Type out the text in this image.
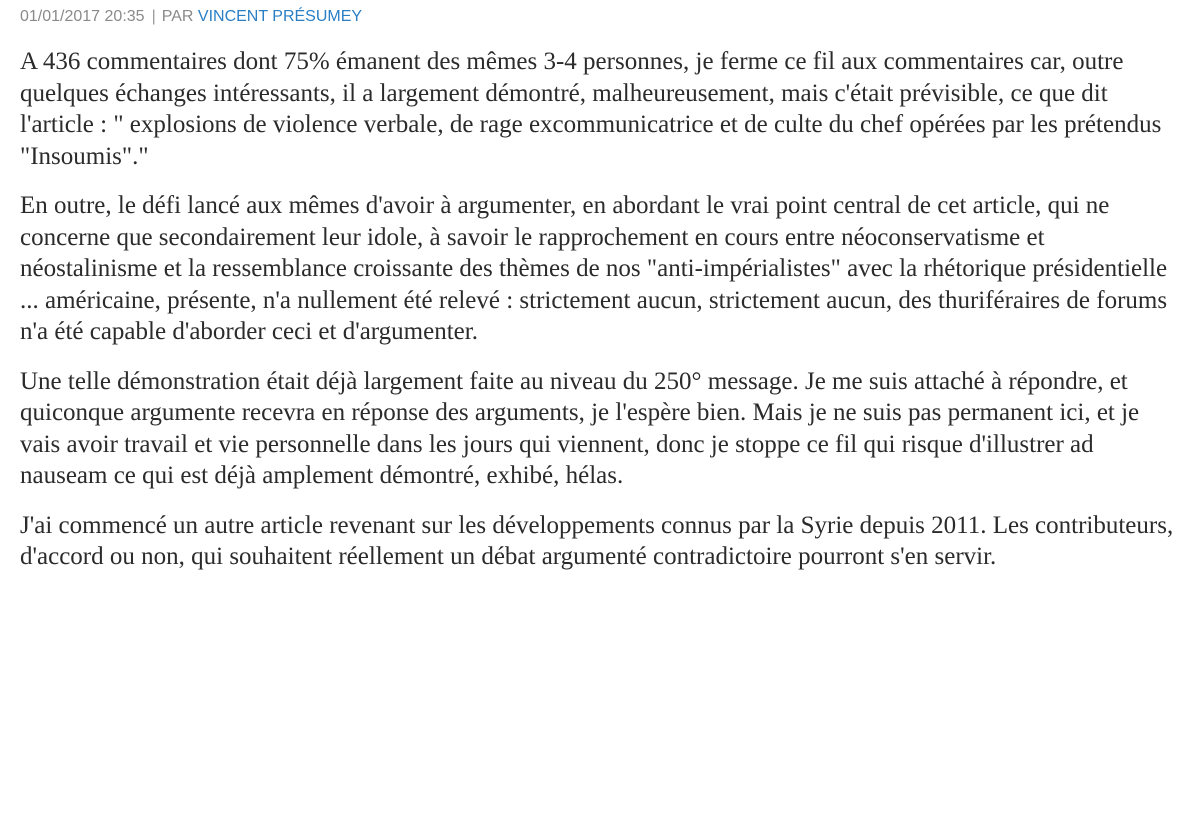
01/01/2017 20:35 | PAR VINCENT PRÉSUMEY

A 436 commentaires dont 75% émanent des mêmes 3-4 personnes, je ferme ce fil aux commentaires car, outre quelques échanges intéressants, il a largement démontré, malheureusement, mais c'était prévisible, ce que dit l'article : " explosions de violence verbale, de rage excommunicatrice et de culte du chef opérées par les prétendus "Insoumis"."

En outre, le défi lancé aux mêmes d'avoir à argumenter, en abordant le vrai point central de cet article, qui ne concerne que secondairement leur idole, à savoir le rapprochement en cours entre néoconservatisme et néostalinisme et la ressemblance croissante des thèmes de nos "anti-impérialistes" avec la rhétorique présidentielle ... américaine, présente, n'a nullement été relevé : strictement aucun, strictement aucun, des thuriféraires de forums n'a été capable d'aborder ceci et d'argumenter.

Une telle démonstration était déjà largement faite au niveau du 250° message. Je me suis attaché à répondre, et quiconque argumente recevra en réponse des arguments, je l'espère bien. Mais je ne suis pas permanent ici, et je vais avoir travail et vie personnelle dans les jours qui viennent, donc je stoppe ce fil qui risque d'illustrer ad nauseam ce qui est déjà amplement démontré, exhibé, hélas.

J'ai commencé un autre article revenant sur les développements connus par la Syrie depuis 2011. Les contributeurs, d'accord ou non, qui souhaitent réellement un débat argumenté contradictoire pourront s'en servir.
